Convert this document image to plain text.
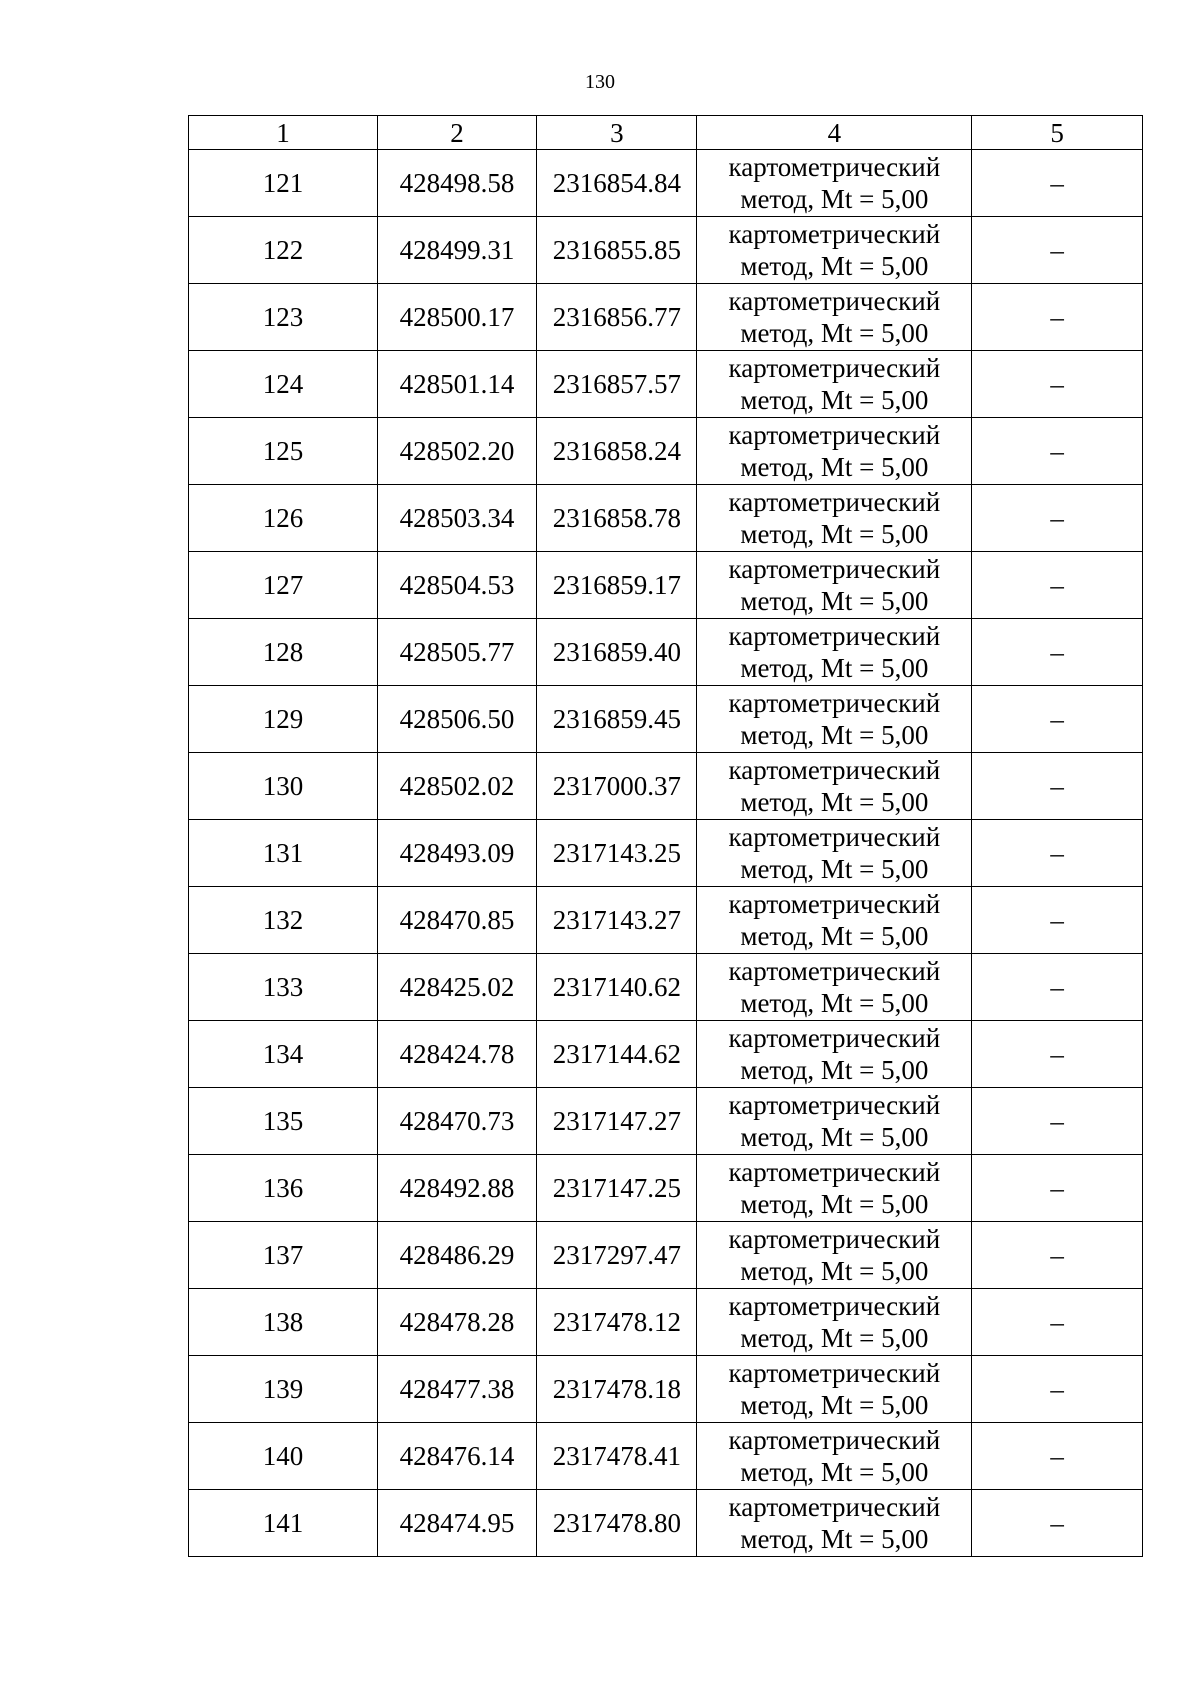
130
1	2	3	4	5
121	428498.58	2316854.84	картометрический
метод, Mt = 5,00	–
122	428499.31	2316855.85	картометрический
метод, Mt = 5,00	–
123	428500.17	2316856.77	картометрический
метод, Mt = 5,00	–
124	428501.14	2316857.57	картометрический
метод, Mt = 5,00	–
125	428502.20	2316858.24	картометрический
метод, Mt = 5,00	–
126	428503.34	2316858.78	картометрический
метод, Mt = 5,00	–
127	428504.53	2316859.17	картометрический
метод, Mt = 5,00	–
128	428505.77	2316859.40	картометрический
метод, Mt = 5,00	–
129	428506.50	2316859.45	картометрический
метод, Mt = 5,00	–
130	428502.02	2317000.37	картометрический
метод, Mt = 5,00	–
131	428493.09	2317143.25	картометрический
метод, Mt = 5,00	–
132	428470.85	2317143.27	картометрический
метод, Mt = 5,00	–
133	428425.02	2317140.62	картометрический
метод, Mt = 5,00	–
134	428424.78	2317144.62	картометрический
метод, Mt = 5,00	–
135	428470.73	2317147.27	картометрический
метод, Mt = 5,00	–
136	428492.88	2317147.25	картометрический
метод, Mt = 5,00	–
137	428486.29	2317297.47	картометрический
метод, Mt = 5,00	–
138	428478.28	2317478.12	картометрический
метод, Mt = 5,00	–
139	428477.38	2317478.18	картометрический
метод, Mt = 5,00	–
140	428476.14	2317478.41	картометрический
метод, Mt = 5,00	–
141	428474.95	2317478.80	картометрический
метод, Mt = 5,00	–
